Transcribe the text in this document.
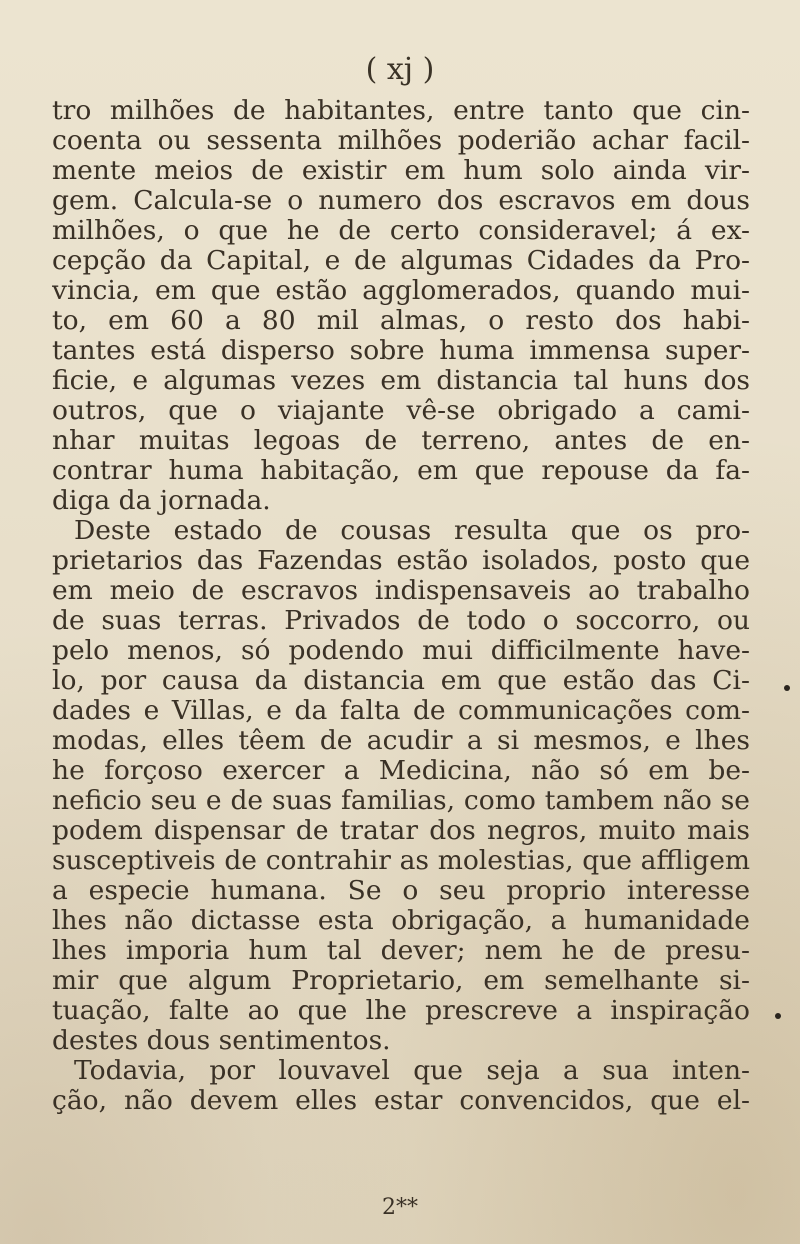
( xj )
tro milhões de habitantes, entre tanto que cin-
coenta ou sessenta milhões poderião achar facil-
mente meios de existir em hum solo ainda vir-
gem. Calcula-se o numero dos escravos em dous
milhões, o que he de certo consideravel; á ex-
cepção da Capital, e de algumas Cidades da Pro-
vincia, em que estão agglomerados, quando mui-
to, em 60 a 80 mil almas, o resto dos habi-
tantes está disperso sobre huma immensa super-
ficie, e algumas vezes em distancia tal huns dos
outros, que o viajante vê-se obrigado a cami-
nhar muitas legoas de terreno, antes de en-
contrar huma habitação, em que repouse da fa-
diga da jornada.
Deste estado de cousas resulta que os pro-
prietarios das Fazendas estão isolados, posto que
em meio de escravos indispensaveis ao trabalho
de suas terras. Privados de todo o soccorro, ou
pelo menos, só podendo mui difficilmente have-
lo, por causa da distancia em que estão das Ci-
dades e Villas, e da falta de communicações com-
modas, elles têem de acudir a si mesmos, e lhes
he forçoso exercer a Medicina, não só em be-
neficio seu e de suas familias, como tambem não se
podem dispensar de tratar dos negros, muito mais
susceptiveis de contrahir as molestias, que affligem
a especie humana. Se o seu proprio interesse
lhes não dictasse esta obrigação, a humanidade
lhes imporia hum tal dever; nem he de presu-
mir que algum Proprietario, em semelhante si-
tuação, falte ao que lhe prescreve a inspiração
destes dous sentimentos.
Todavia, por louvavel que seja a sua inten-
ção, não devem elles estar convencidos, que el-
2**
